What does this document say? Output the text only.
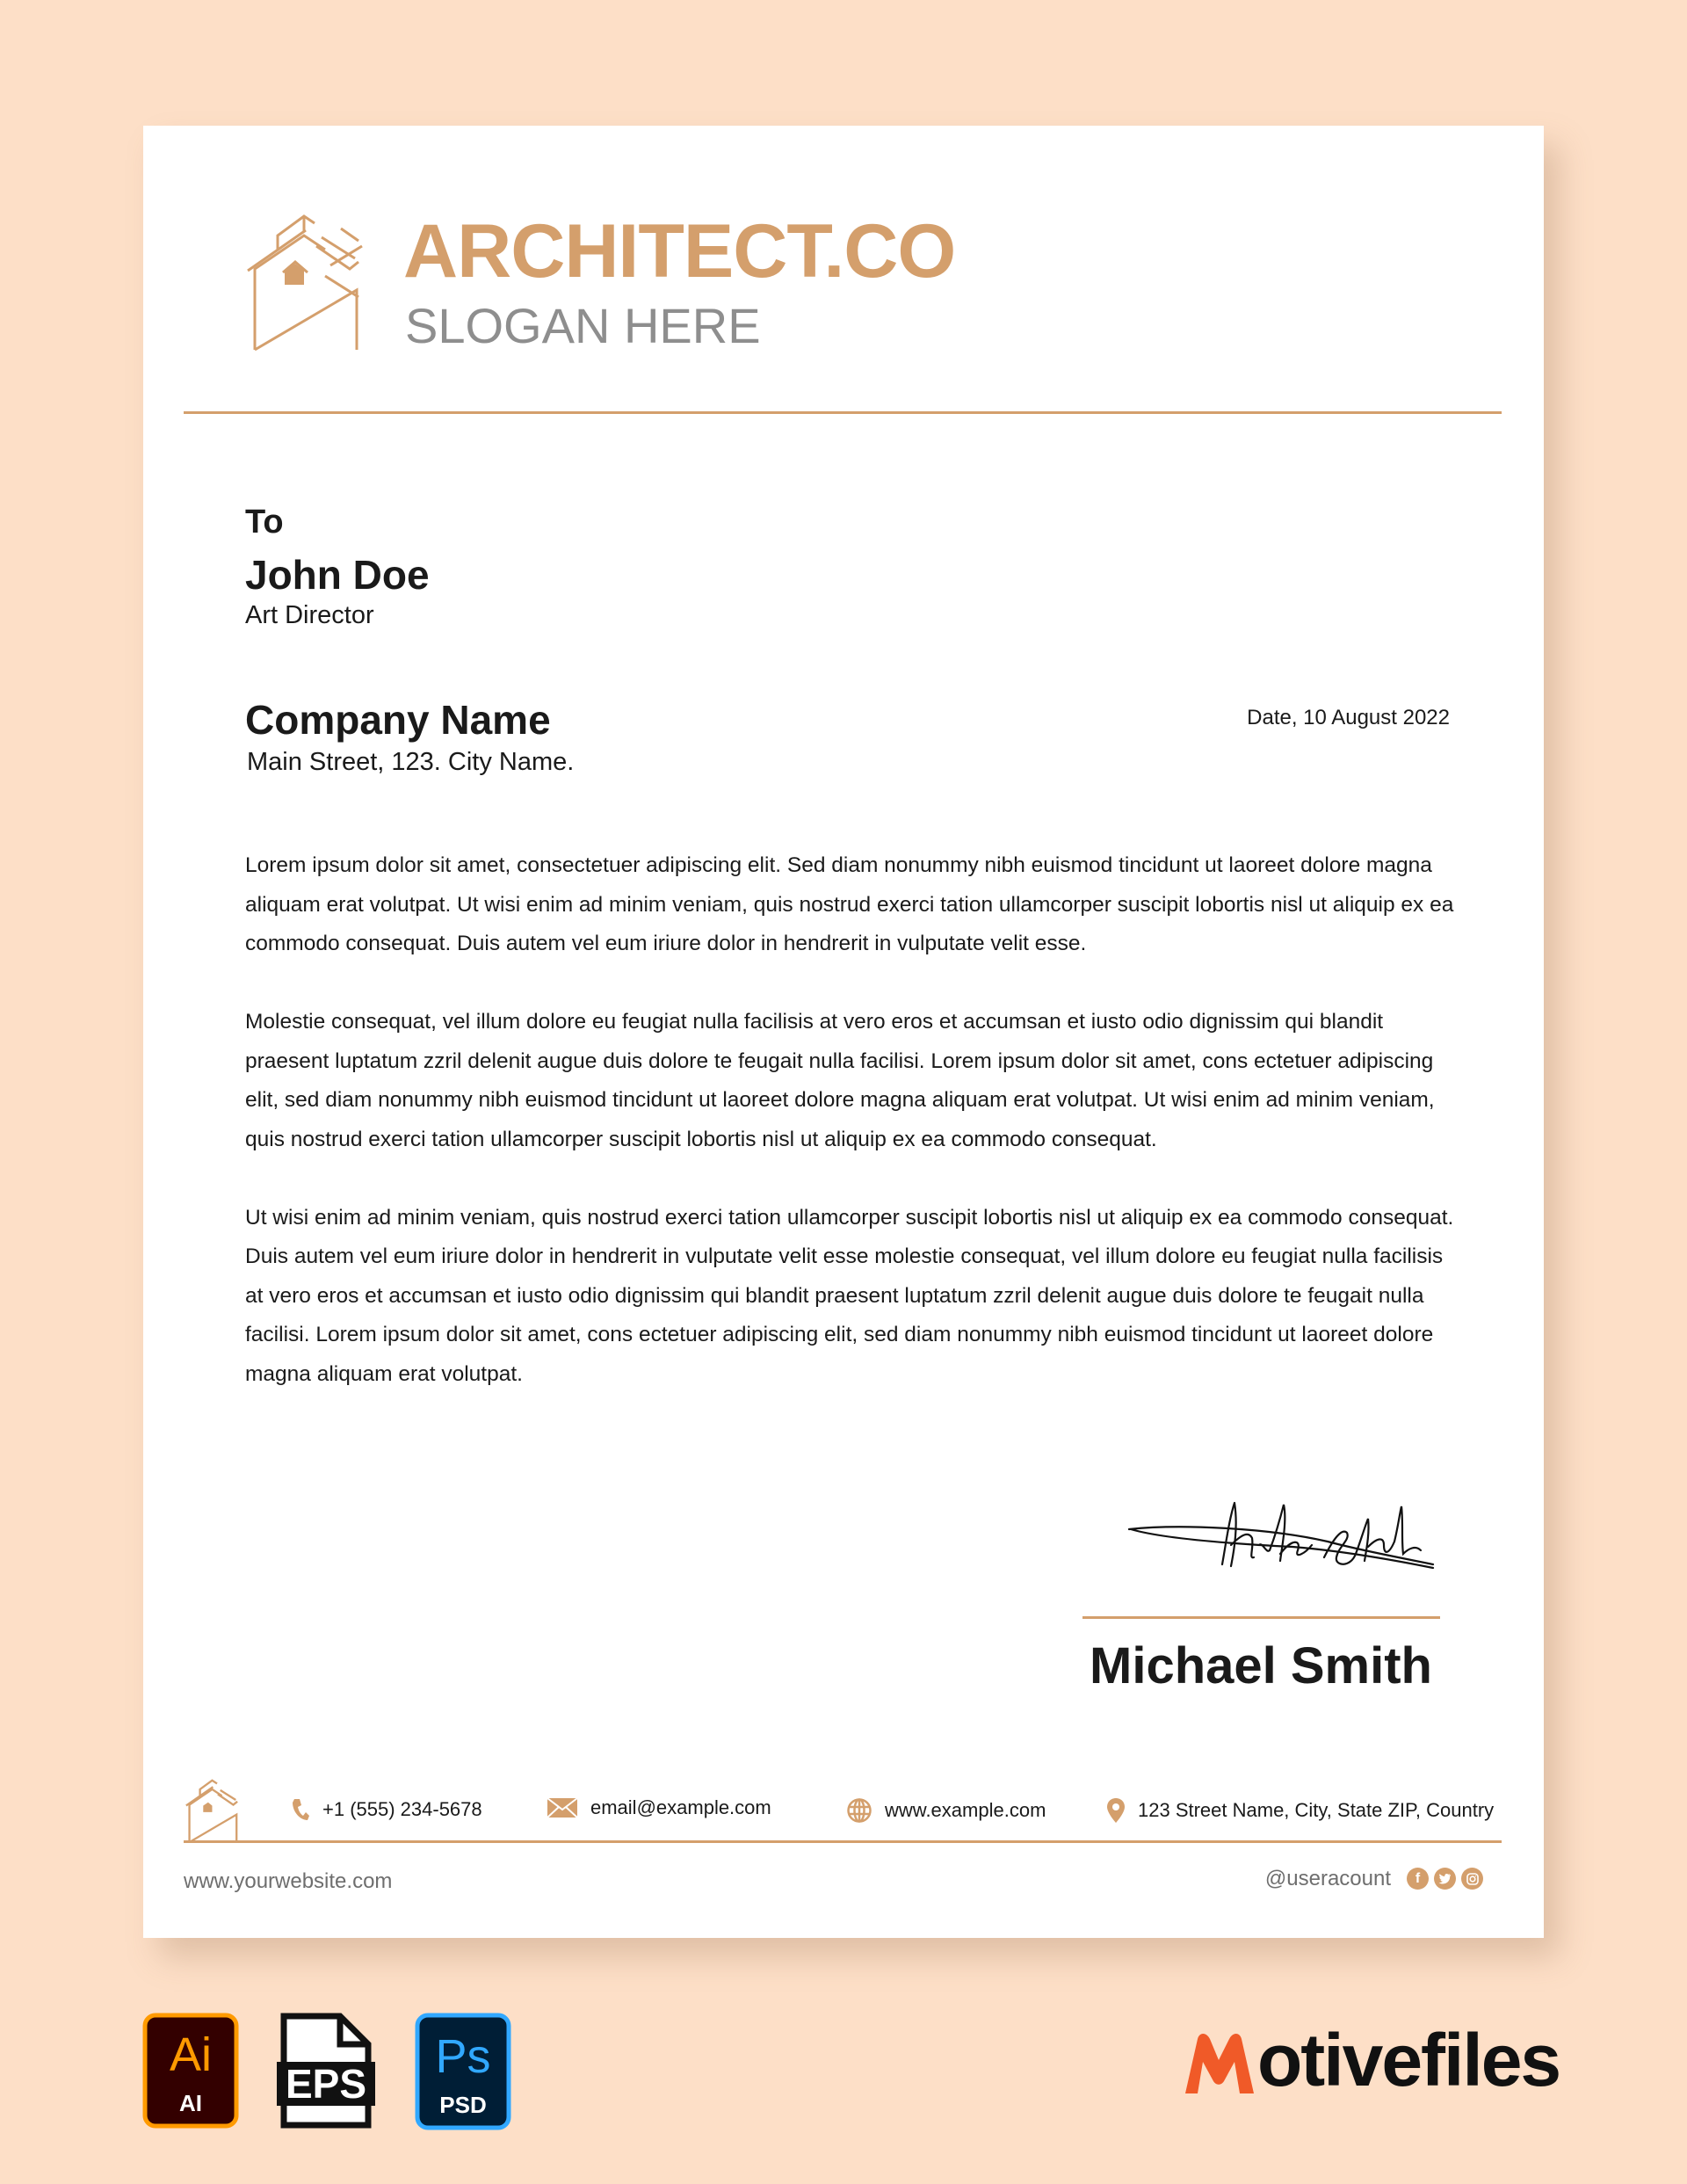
ARCHITECT.CO
SLOGAN HERE
To
John Doe
Art Director
Company Name
Main Street, 123. City Name.
Date, 10 August 2022

Lorem ipsum dolor sit amet, consectetuer adipiscing elit. Sed diam nonummy nibh euismod tincidunt ut laoreet dolore magna aliquam erat volutpat. Ut wisi enim ad minim veniam, quis nostrud exerci tation ullamcorper suscipit lobortis nisl ut aliquip ex ea commodo consequat. Duis autem vel eum iriure dolor in hendrerit in vulputate velit esse.

Molestie consequat, vel illum dolore eu feugiat nulla facilisis at vero eros et accumsan et iusto odio dignissim qui blandit praesent luptatum zzril delenit augue duis dolore te feugait nulla facilisi. Lorem ipsum dolor sit amet, cons ectetuer adipiscing elit, sed diam nonummy nibh euismod tincidunt ut laoreet dolore magna aliquam erat volutpat. Ut wisi enim ad minim veniam, quis nostrud exerci tation ullamcorper suscipit lobortis nisl ut aliquip ex ea commodo consequat.

Ut wisi enim ad minim veniam, quis nostrud exerci tation ullamcorper suscipit lobortis nisl ut aliquip ex ea commodo consequat. Duis autem vel eum iriure dolor in hendrerit in vulputate velit esse molestie consequat, vel illum dolore eu feugiat nulla facilisis at vero eros et accumsan et iusto odio dignissim qui blandit praesent luptatum zzril delenit augue duis dolore te feugait nulla facilisi. Lorem ipsum dolor sit amet, cons ectetuer adipiscing elit, sed diam nonummy nibh euismod tincidunt ut laoreet dolore magna aliquam erat volutpat.

Michael Smith
+1 (555) 234-5678	email@example.com	www.example.com	123 Street Name, City, State ZIP, Country
www.yourwebsite.com	@useracount	f
Ai
AI EPS
Ps
PSD
otivefiles
